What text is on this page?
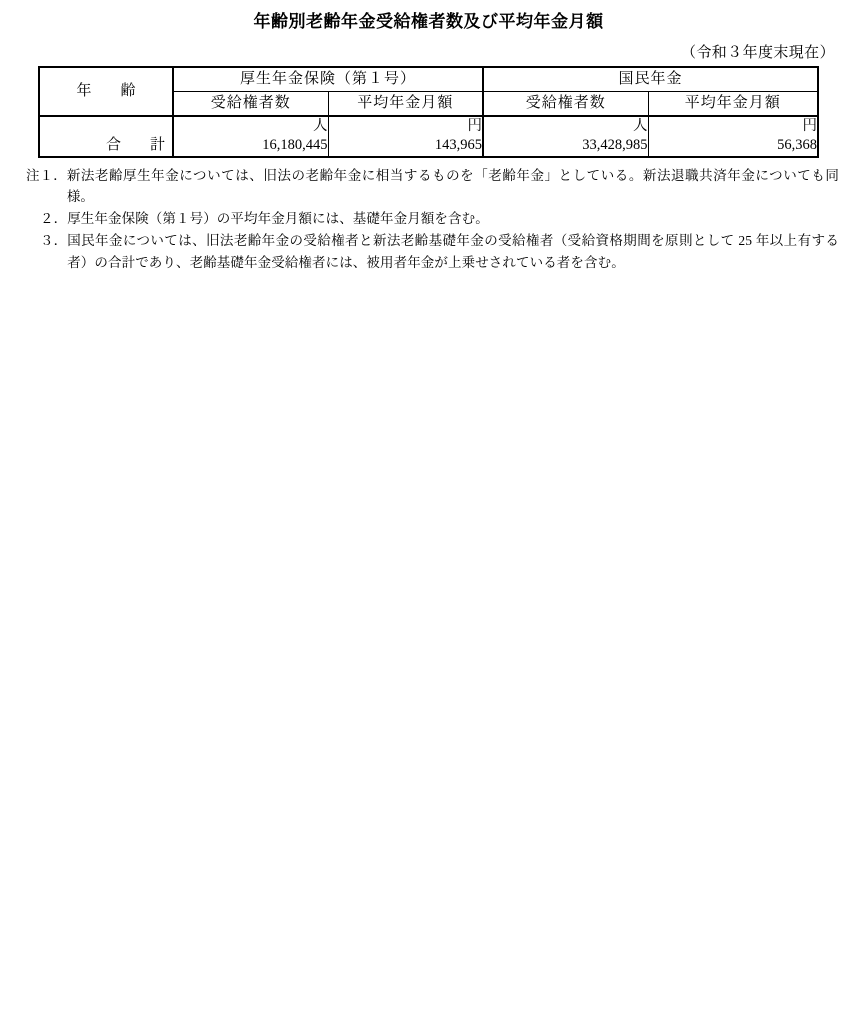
年齢別老齢年金受給権者数及び平均年金月額
（令和３年度末現在）
年　齢	厚生年金保険（第１号）		国民年金	
	受給権者数	平均年金月額	受給権者数	平均年金月額
	人	円	人	円
合　計	16,180,445	143,965	33,428,985	56,368
注１． 新法老齢厚生年金については、旧法の老齢年金に相当するものを「老齢年金」としている。新法退職共済年金についても同様。
２． 厚生年金保険（第１号）の平均年金月額には、基礎年金月額を含む。
３． 国民年金については、旧法老齢年金の受給権者と新法老齢基礎年金の受給権者（受給資格期間を原則として 25 年以上有する者）の合計であり、老齢基礎年金受給権者には、被用者年金が上乗せされている者を含む。
